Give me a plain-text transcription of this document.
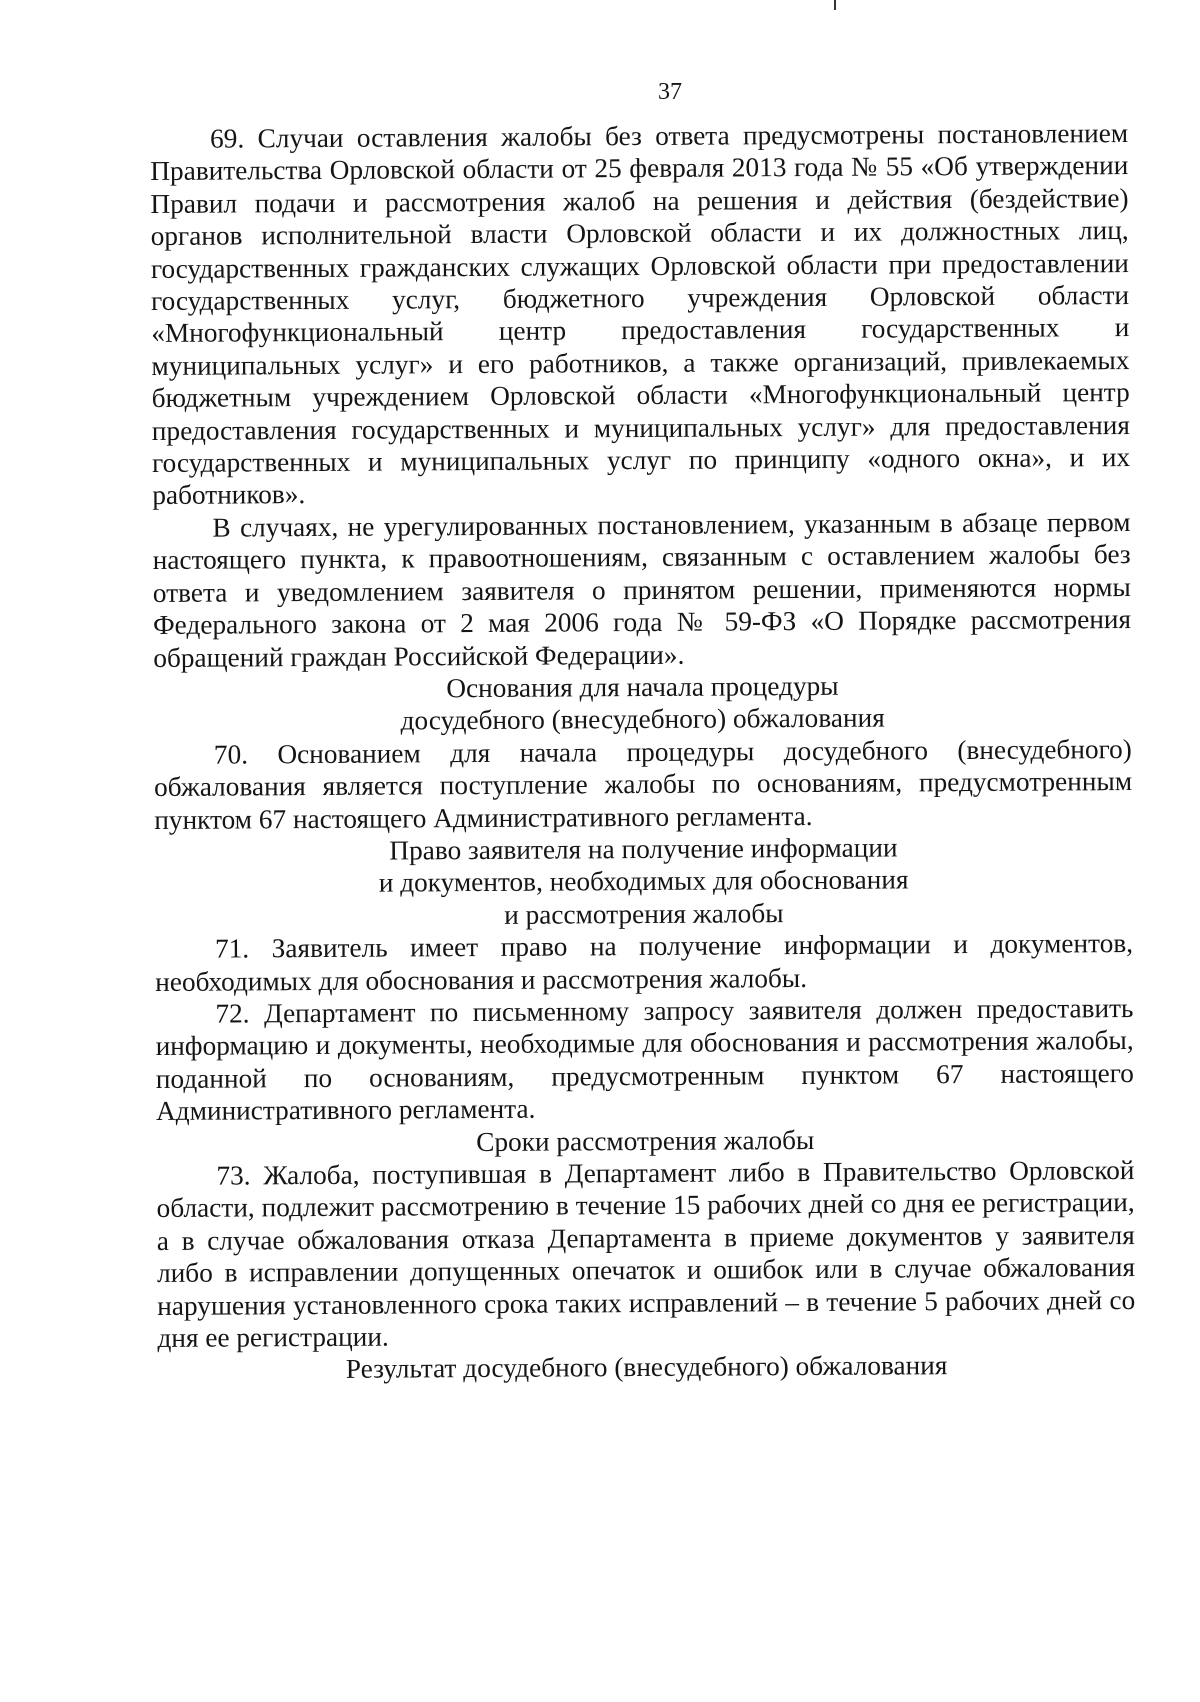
37

69. Случаи оставления жалобы без ответа предусмотрены постановлением Правительства Орловской области от 25 февраля 2013 года № 55 «Об утверждении Правил подачи и рассмотрения жалоб на решения и действия (бездействие) органов исполнительной власти Орловской области и их должностных лиц, государственных гражданских служащих Орловской области при предоставлении государственных услуг, бюджетного учреждения Орловской области «Многофункциональный центр предоставления государственных и муниципальных услуг» и его работников, а также организаций, привлекаемых бюджетным учреждением Орловской области «Многофункциональный центр предоставления государственных и муниципальных услуг» для предоставления государственных и муниципальных услуг по принципу «одного окна», и их работников».

В случаях, не урегулированных постановлением, указанным в абзаце первом настоящего пункта, к правоотношениям, связанным с оставлением жалобы без ответа и уведомлением заявителя о принятом решении, применяются нормы Федерального закона от 2 мая 2006 года № 59-ФЗ «О Порядке рассмотрения обращений граждан Российской Федерации».

Основания для начала процедуры
досудебного (внесудебного) обжалования

70. Основанием для начала процедуры досудебного (внесудебного) обжалования является поступление жалобы по основаниям, предусмотренным пунктом 67 настоящего Административного регламента.

Право заявителя на получение информации
и документов, необходимых для обоснования
и рассмотрения жалобы

71. Заявитель имеет право на получение информации и документов, необходимых для обоснования и рассмотрения жалобы.

72. Департамент по письменному запросу заявителя должен предоставить информацию и документы, необходимые для обоснования и рассмотрения жалобы, поданной по основаниям, предусмотренным пунктом 67 настоящего Административного регламента.

Сроки рассмотрения жалобы

73. Жалоба, поступившая в Департамент либо в Правительство Орловской области, подлежит рассмотрению в течение 15 рабочих дней со дня ее регистрации, а в случае обжалования отказа Департамента в приеме документов у заявителя либо в исправлении допущенных опечаток и ошибок или в случае обжалования нарушения установленного срока таких исправлений – в течение 5 рабочих дней со дня ее регистрации.

Результат досудебного (внесудебного) обжалования
